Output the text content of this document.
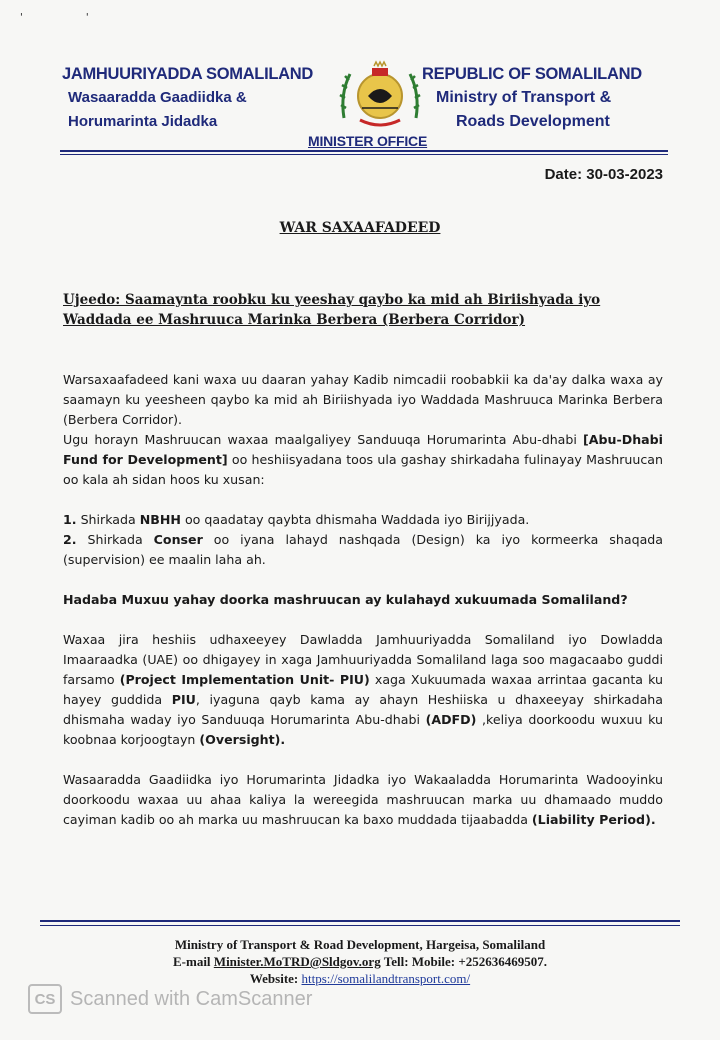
' '
JAMHUURIYADDA SOMALILAND
Wasaaradda Gaadiidka &
Horumarinta Jidadka
REPUBLIC OF SOMALILAND
Ministry of Transport &
Roads Development
MINISTER OFFICE
Date: 30-03-2023
WAR SAXAAFADEED
Ujeedo: Saamaynta roobku ku yeeshay qaybo ka mid ah Biriishyada iyo Waddada ee Mashruuca Marinka Berbera (Berbera Corridor)

Warsaxaafadeed kani waxa uu daaran yahay Kadib nimcadii roobabkii ka da'ay dalka waxa ay saamayn ku yeesheen qaybo ka mid ah Biriishyada iyo Waddada Mashruuca Marinka Berbera (Berbera Corridor).

Ugu horayn Mashruucan waxaa maalgaliyey Sanduuqa Horumarinta Abu-dhabi [Abu-Dhabi Fund for Development] oo heshiisyadana toos ula gashay shirkadaha fulinayay Mashruucan oo kala ah sidan hoos ku xusan:

1. Shirkada NBHH oo qaadatay qaybta dhismaha Waddada iyo Birijjyada.

2. Shirkada Conser oo iyana lahayd nashqada (Design) ka iyo kormeerka shaqada (supervision) ee maalin laha ah.

Hadaba Muxuu yahay doorka mashruucan ay kulahayd xukuumada Somaliland?

Waxaa jira heshiis udhaxeeyey Dawladda Jamhuuriyadda Somaliland iyo Dowladda Imaaraadka (UAE) oo dhigayey in xaga Jamhuuriyadda Somaliland laga soo magacaabo guddi farsamo (Project Implementation Unit- PIU) xaga Xukuumada waxaa arrintaa gacanta ku hayey guddida PIU, iyaguna qayb kama ay ahayn Heshiiska u dhaxeeyay shirkadaha dhismaha waday iyo Sanduuqa Horumarinta Abu-dhabi (ADFD) ,keliya doorkoodu wuxuu ku koobnaa korjoogtayn (Oversight).

Wasaaradda Gaadiidka iyo Horumarinta Jidadka iyo Wakaaladda Horumarinta Wadooyinku doorkoodu waxaa uu ahaa kaliya la wereegida mashruucan marka uu dhamaado muddo cayiman kadib oo ah marka uu mashruucan ka baxo muddada tijaabadda (Liability Period).

Ministry of Transport & Road Development, Hargeisa, Somaliland
E-mail Minister.MoTRD@Sldgov.org Tell: Mobile: +252636469507.
Website: https://somalilandtransport.com/
CS Scanned with CamScanner
